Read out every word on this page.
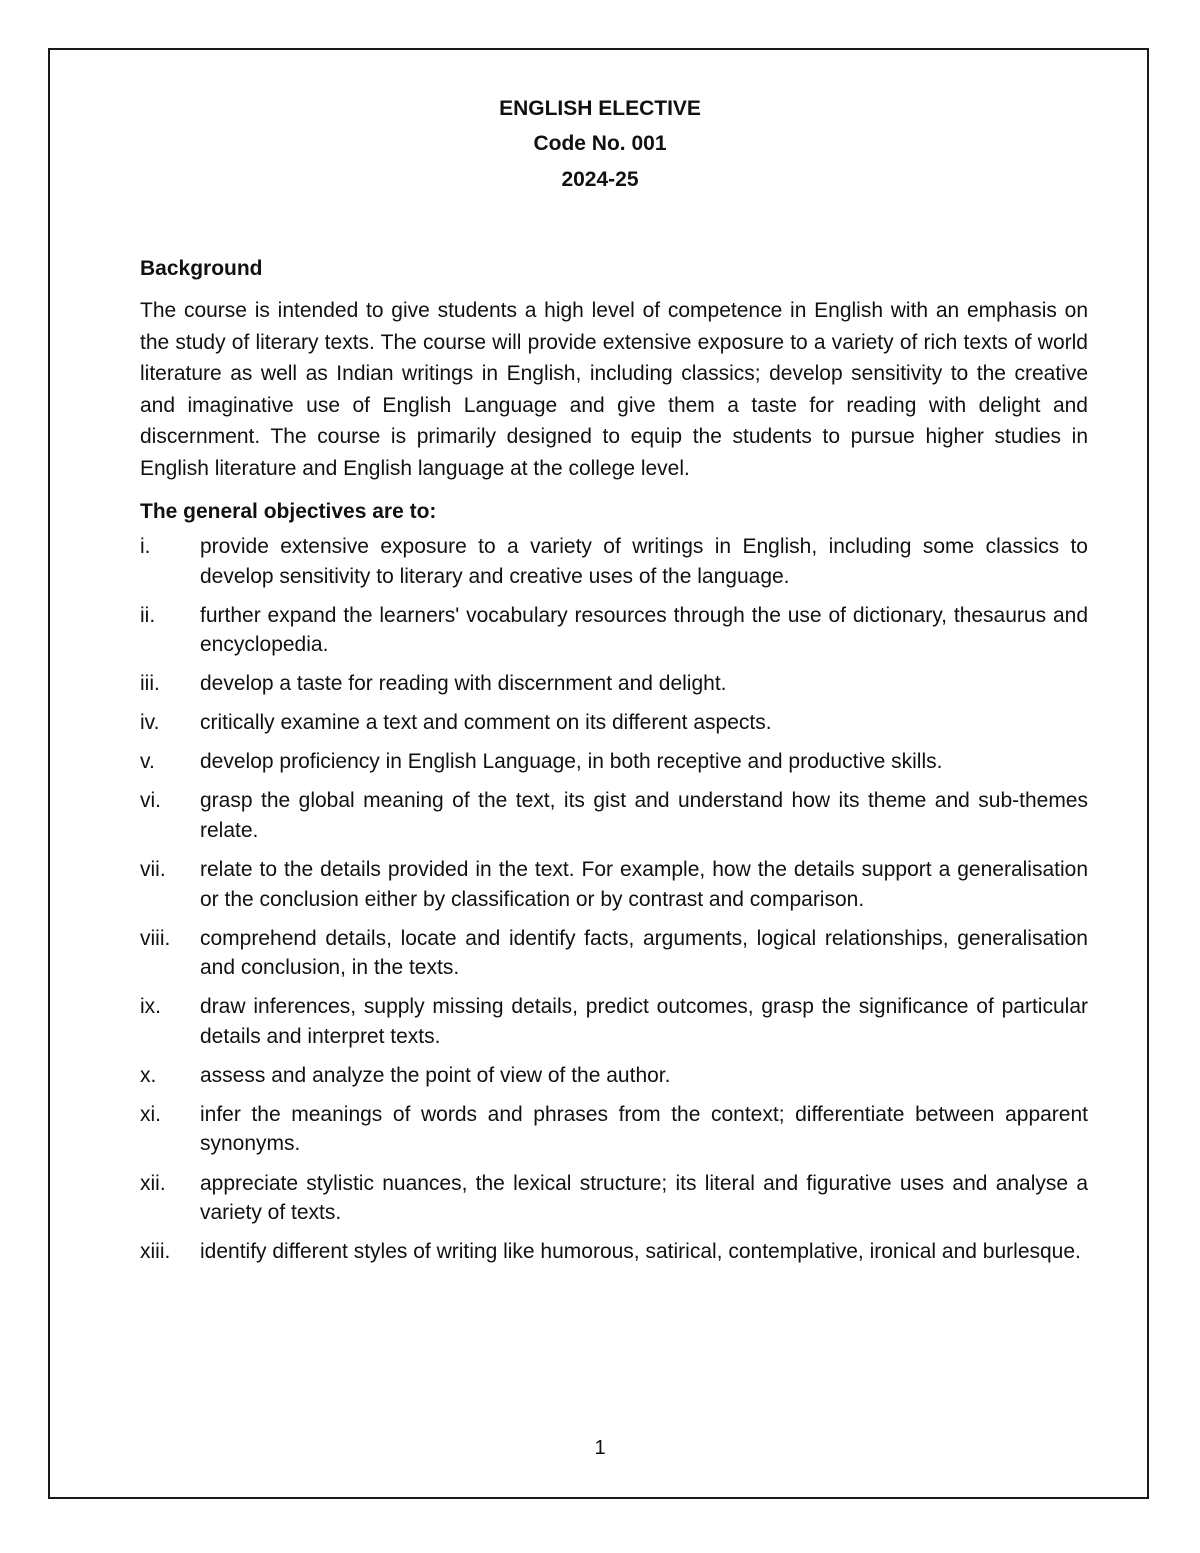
ENGLISH ELECTIVE
Code No. 001
2024-25
Background

The course is intended to give students a high level of competence in English with an emphasis on the study of literary texts. The course will provide extensive exposure to a variety of rich texts of world literature as well as Indian writings in English, including classics; develop sensitivity to the creative and imaginative use of English Language and give them a taste for reading with delight and discernment. The course is primarily designed to equip the students to pursue higher studies in English literature and English language at the college level.

The general objectives are to:
i.	provide extensive exposure to a variety of writings in English, including some classics to develop sensitivity to literary and creative uses of the language.
ii.	further expand the learners' vocabulary resources through the use of dictionary, thesaurus and encyclopedia.
iii.	develop a taste for reading with discernment and delight.
iv.	critically examine a text and comment on its different aspects.
v.	develop proficiency in English Language, in both receptive and productive skills.
vi.	grasp the global meaning of the text, its gist and understand how its theme and sub-themes relate.
vii.	relate to the details provided in the text. For example, how the details support a generalisation or the conclusion either by classification or by contrast and comparison.
viii.	comprehend details, locate and identify facts, arguments, logical relationships, generalisation and conclusion, in the texts.
ix.	draw inferences, supply missing details, predict outcomes, grasp the significance of particular details and interpret texts.
x.	assess and analyze the point of view of the author.
xi.	infer the meanings of words and phrases from the context; differentiate between apparent synonyms.
xii.	appreciate stylistic nuances, the lexical structure; its literal and figurative uses and analyse a variety of texts.
xiii.	identify different styles of writing like humorous, satirical, contemplative, ironical and burlesque.
1
